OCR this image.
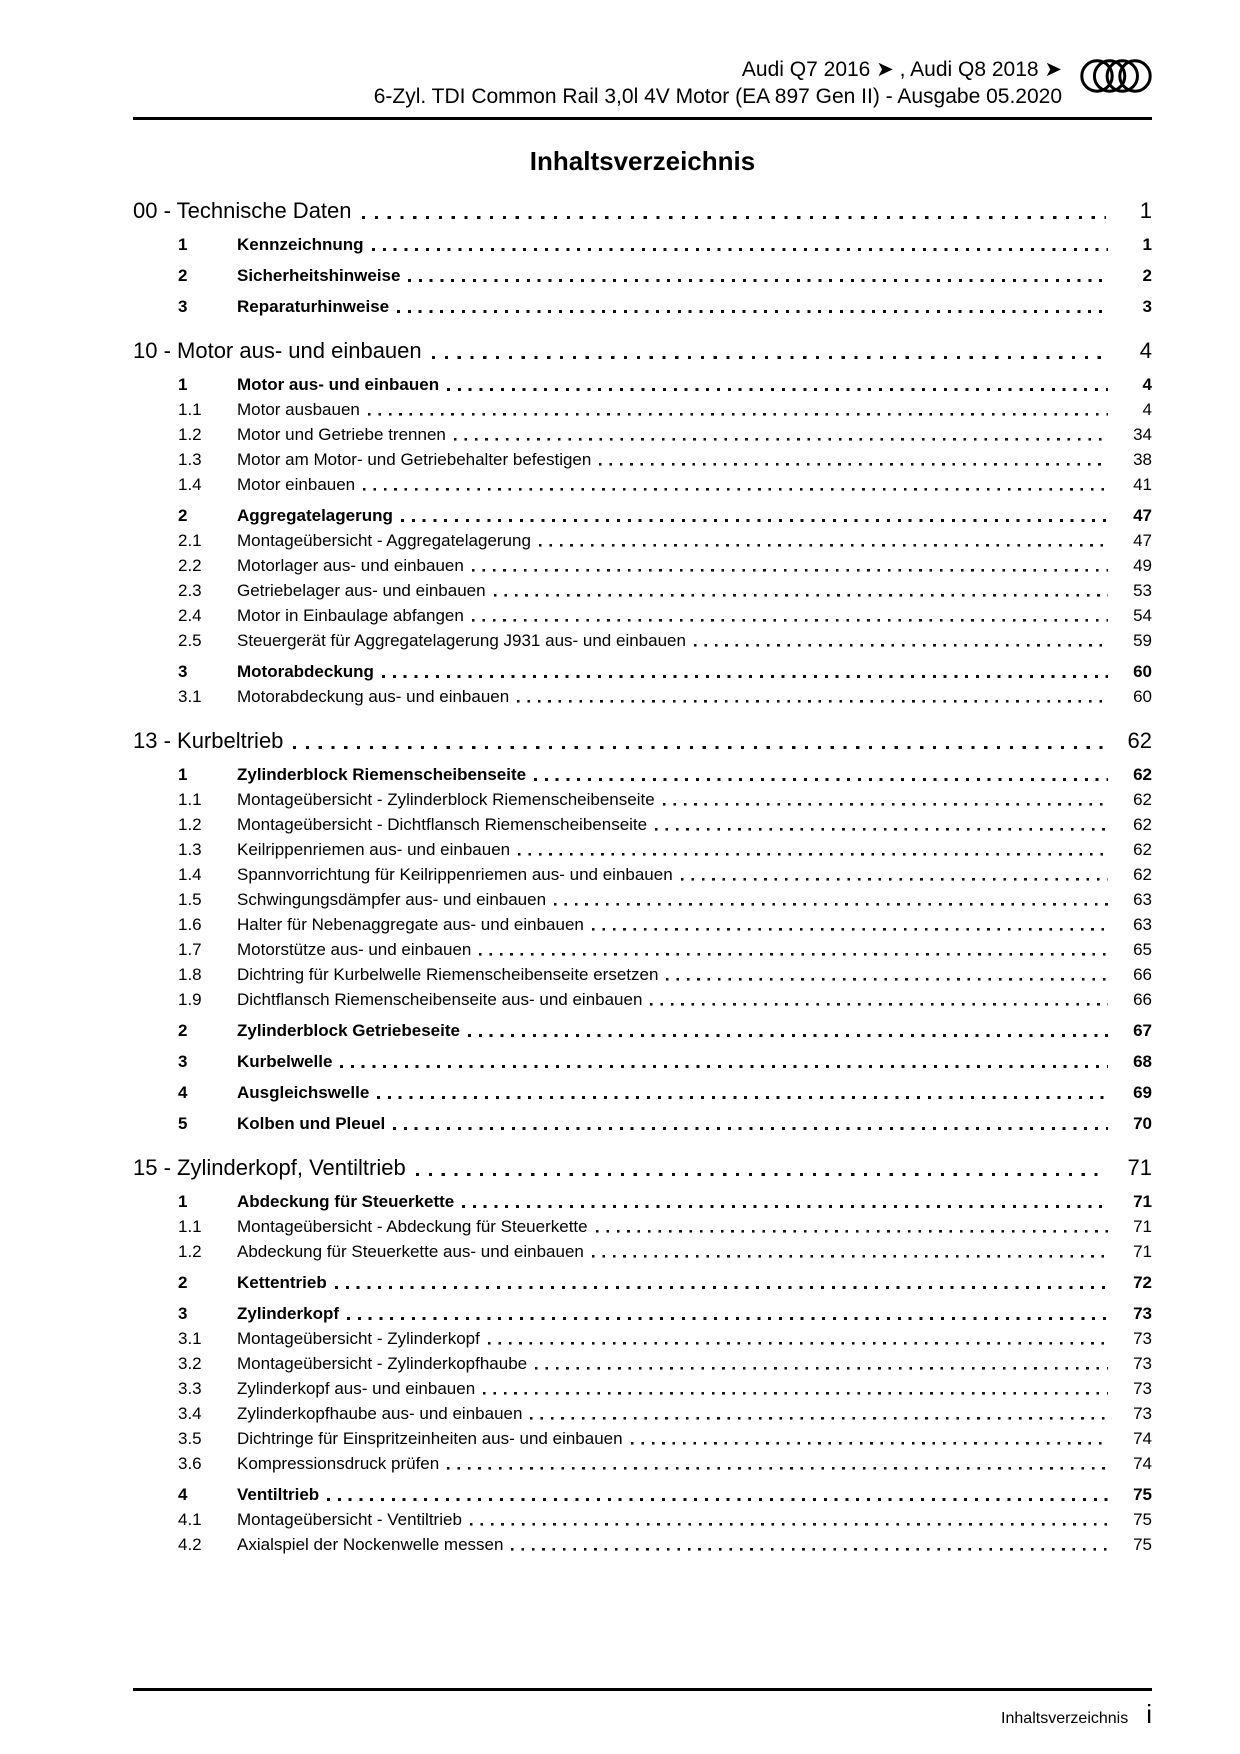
Audi Q7 2016 ➤ , Audi Q8 2018 ➤
6-Zyl. TDI Common Rail 3,0l 4V Motor (EA 897 Gen II) - Ausgabe 05.2020
Inhaltsverzeichnis
00 - Technische Daten	1
1	Kennzeichnung	1
2	Sicherheitshinweise	2
3	Reparaturhinweise	3
10 - Motor aus- und einbauen	4
1	Motor aus- und einbauen	4
1.1	Motor ausbauen	4
1.2	Motor und Getriebe trennen	34
1.3	Motor am Motor- und Getriebehalter befestigen	38
1.4	Motor einbauen	41
2	Aggregatelagerung	47
2.1	Montageübersicht - Aggregatelagerung	47
2.2	Motorlager aus- und einbauen	49
2.3	Getriebelager aus- und einbauen	53
2.4	Motor in Einbaulage abfangen	54
2.5	Steuergerät für Aggregatelagerung J931 aus- und einbauen	59
3	Motorabdeckung	60
3.1	Motorabdeckung aus- und einbauen	60
13 - Kurbeltrieb	62
1	Zylinderblock Riemenscheibenseite	62
1.1	Montageübersicht - Zylinderblock Riemenscheibenseite	62
1.2	Montageübersicht - Dichtflansch Riemenscheibenseite	62
1.3	Keilrippenriemen aus- und einbauen	62
1.4	Spannvorrichtung für Keilrippenriemen aus- und einbauen	62
1.5	Schwingungsdämpfer aus- und einbauen	63
1.6	Halter für Nebenaggregate aus- und einbauen	63
1.7	Motorstütze aus- und einbauen	65
1.8	Dichtring für Kurbelwelle Riemenscheibenseite ersetzen	66
1.9	Dichtflansch Riemenscheibenseite aus- und einbauen	66
2	Zylinderblock Getriebeseite	67
3	Kurbelwelle	68
4	Ausgleichswelle	69
5	Kolben und Pleuel	70
15 - Zylinderkopf, Ventiltrieb	71
1	Abdeckung für Steuerkette	71
1.1	Montageübersicht - Abdeckung für Steuerkette	71
1.2	Abdeckung für Steuerkette aus- und einbauen	71
2	Kettentrieb	72
3	Zylinderkopf	73
3.1	Montageübersicht - Zylinderkopf	73
3.2	Montageübersicht - Zylinderkopfhaube	73
3.3	Zylinderkopf aus- und einbauen	73
3.4	Zylinderkopfhaube aus- und einbauen	73
3.5	Dichtringe für Einspritzeinheiten aus- und einbauen	74
3.6	Kompressionsdruck prüfen	74
4	Ventiltrieb	75
4.1	Montageübersicht - Ventiltrieb	75
4.2	Axialspiel der Nockenwelle messen	75
Inhaltsverzeichnis i
